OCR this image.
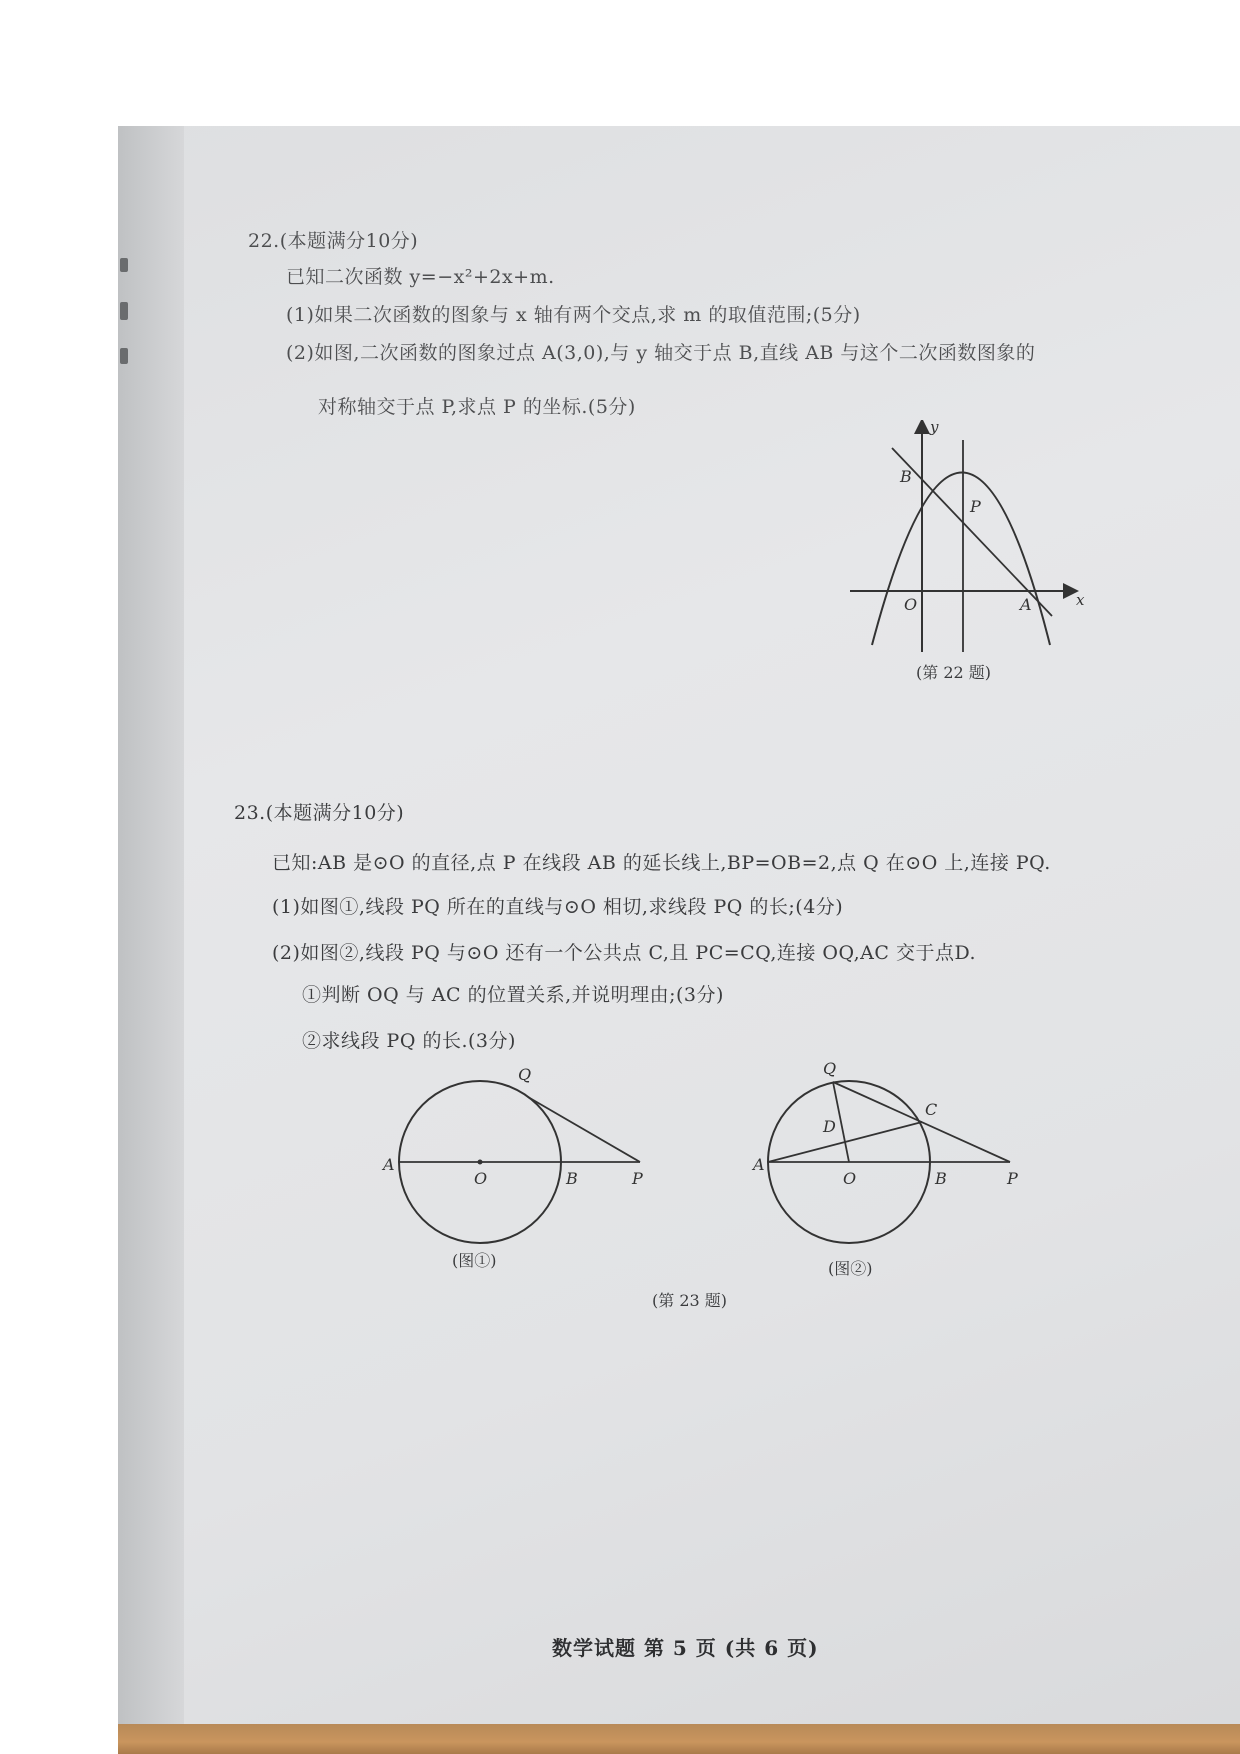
22.(本题满分10分)
已知二次函数 y=−x²+2x+m.
(1)如果二次函数的图象与 x 轴有两个交点,求 m 的取值范围;(5分)
(2)如图,二次函数的图象过点 A(3,0),与 y 轴交于点 B,直线 AB 与这个二次函数图象的
对称轴交于点 P,求点 P 的坐标.(5分)
y
x
B
P
O	A
(第 22 题)
23.(本题满分10分)
已知:AB 是⊙O 的直径,点 P 在线段 AB 的延长线上,BP=OB=2,点 Q 在⊙O 上,连接 PQ.
(1)如图①,线段 PQ 所在的直线与⊙O 相切,求线段 PQ 的长;(4分)
(2)如图②,线段 PQ 与⊙O 还有一个公共点 C,且 PC=CQ,连接 OQ,AC 交于点D.
①判断 OQ 与 AC 的位置关系,并说明理由;(3分)
②求线段 PQ 的长.(3分)
Q
A
O	B	P
(图①)
Q
D
C
A
O	B	P
(图②)
(第 23 题)
数学试题 第 5 页 (共 6 页)
